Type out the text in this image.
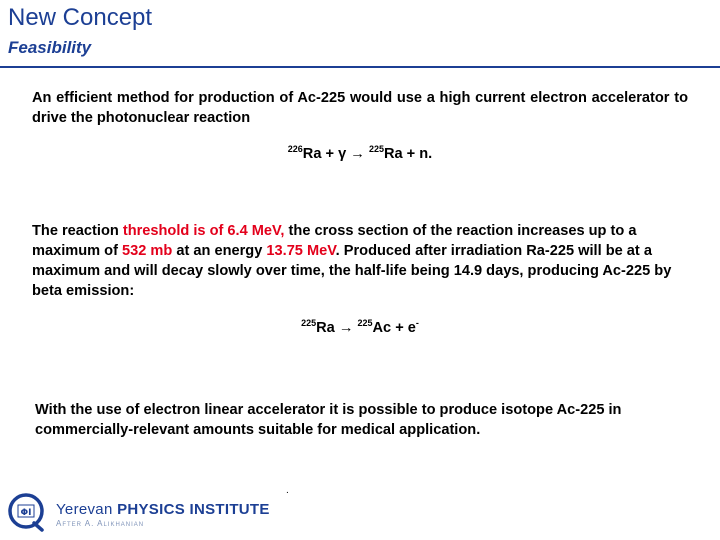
New Concept
Feasibility
An efficient method for production of Ac-225 would use a high current electron accelerator to drive the photonuclear reaction
$^{226}$Ra + γ → $^{225}$Ra + n.
The reaction threshold is of 6.4 MeV, the cross section of the reaction increases up to a maximum of 532 mb at an energy 13.75 MeV. Produced after irradiation Ra-225 will be at a maximum and will decay slowly over time, the half-life being 14.9 days, producing Ac-225 by beta emission:
$^{225}$Ra → $^{225}$Ac + e-
With the use of electron linear accelerator it is possible to produce isotope Ac-225 in commercially-relevant amounts suitable for medical application.
.
ΦΙ Yerevan PHYSICS INSTITUTE
After A. Alikhanian
